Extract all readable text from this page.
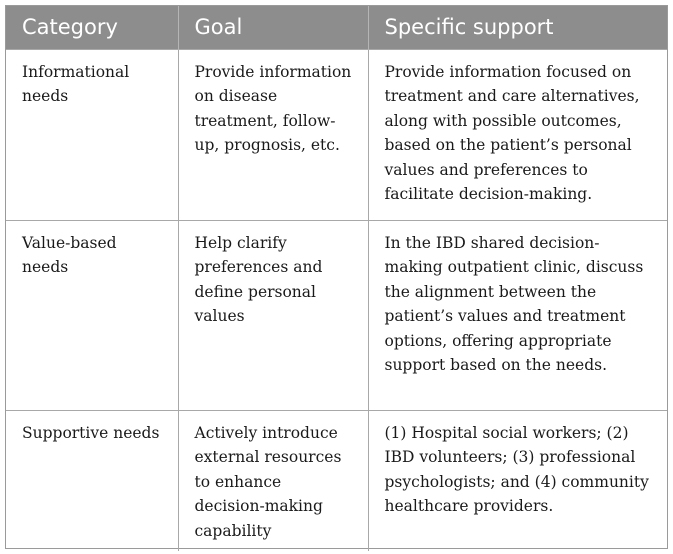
Category	Goal	Specific support
Informational needs	Provide information on disease treatment, follow-up, prognosis, etc.	Provide information focused on treatment and care alternatives, along with possible outcomes, based on the patient’s personal values and preferences to facilitate decision-making.
Value-based needs	Help clarify preferences and define personal values	In the IBD shared decision-making outpatient clinic, discuss the alignment between the patient’s values and treatment options, offering appropriate support based on the needs.
Supportive needs	Actively introduce external resources to enhance decision-making capability	(1) Hospital social workers; (2) IBD volunteers; (3) professional psychologists; and (4) community healthcare providers.
